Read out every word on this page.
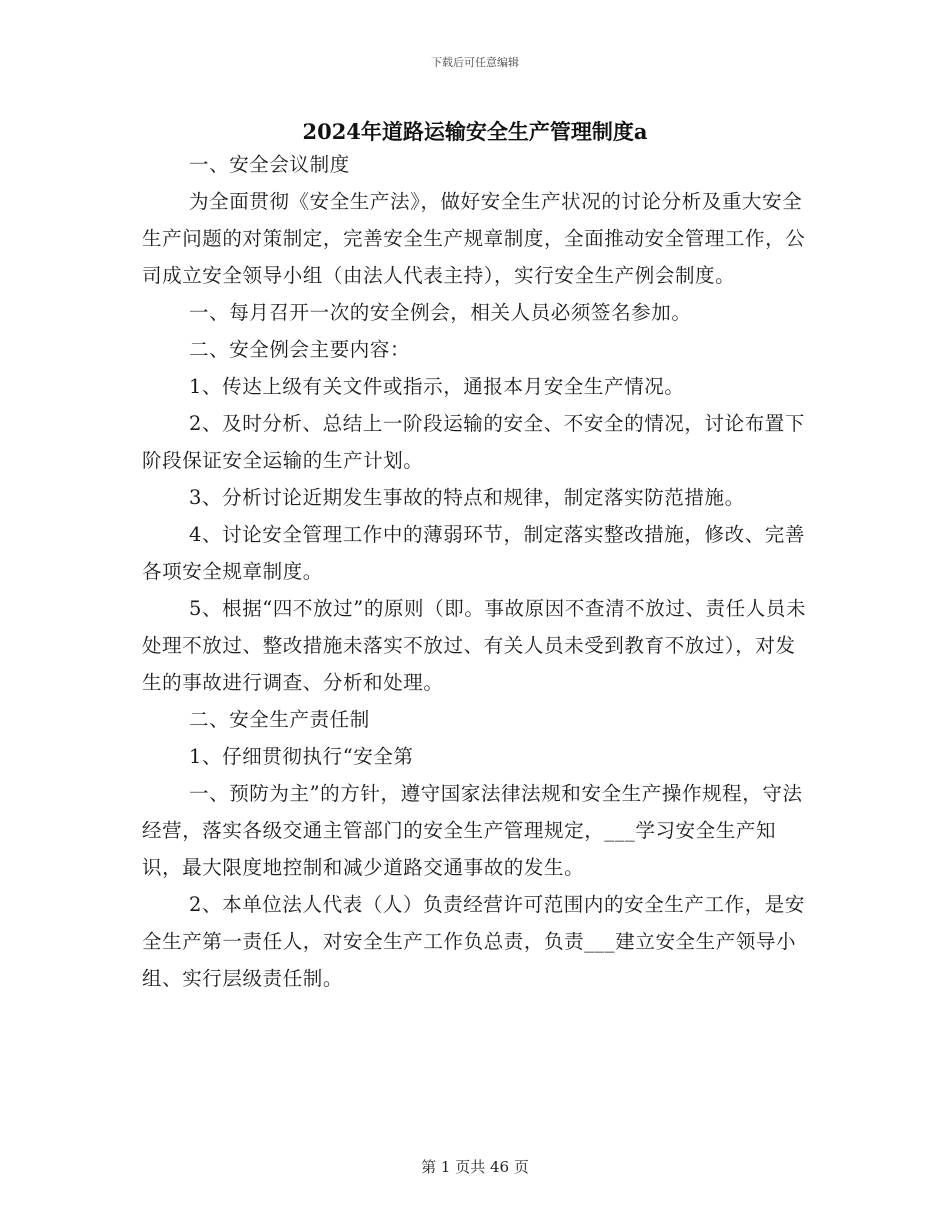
下载后可任意编辑
2024年道路运输安全生产管理制度a

一、安全会议制度

为全面贯彻《安全生产法》，做好安全生产状况的讨论分析及重大安全生产问题的对策制定，完善安全生产规章制度，全面推动安全管理工作，公司成立安全领导小组（由法人代表主持），实行安全生产例会制度。

一、每月召开一次的安全例会，相关人员必须签名参加。

二、安全例会主要内容：

1、传达上级有关文件或指示，通报本月安全生产情况。

2、及时分析、总结上一阶段运输的安全、不安全的情况，讨论布置下阶段保证安全运输的生产计划。

3、分析讨论近期发生事故的特点和规律，制定落实防范措施。

4、讨论安全管理工作中的薄弱环节，制定落实整改措施，修改、完善各项安全规章制度。

5、根据“四不放过”的原则（即。事故原因不查清不放过、责任人员未处理不放过、整改措施未落实不放过、有关人员未受到教育不放过），对发生的事故进行调查、分析和处理。

二、安全生产责任制

1、仔细贯彻执行“安全第

一、预防为主”的方针，遵守国家法律法规和安全生产操作规程，守法经营，落实各级交通主管部门的安全生产管理规定，___学习安全生产知识，最大限度地控制和减少道路交通事故的发生。

2、本单位法人代表（人）负责经营许可范围内的安全生产工作，是安全生产第一责任人，对安全生产工作负总责，负责___建立安全生产领导小组、实行层级责任制。

第 1 页共 46 页
